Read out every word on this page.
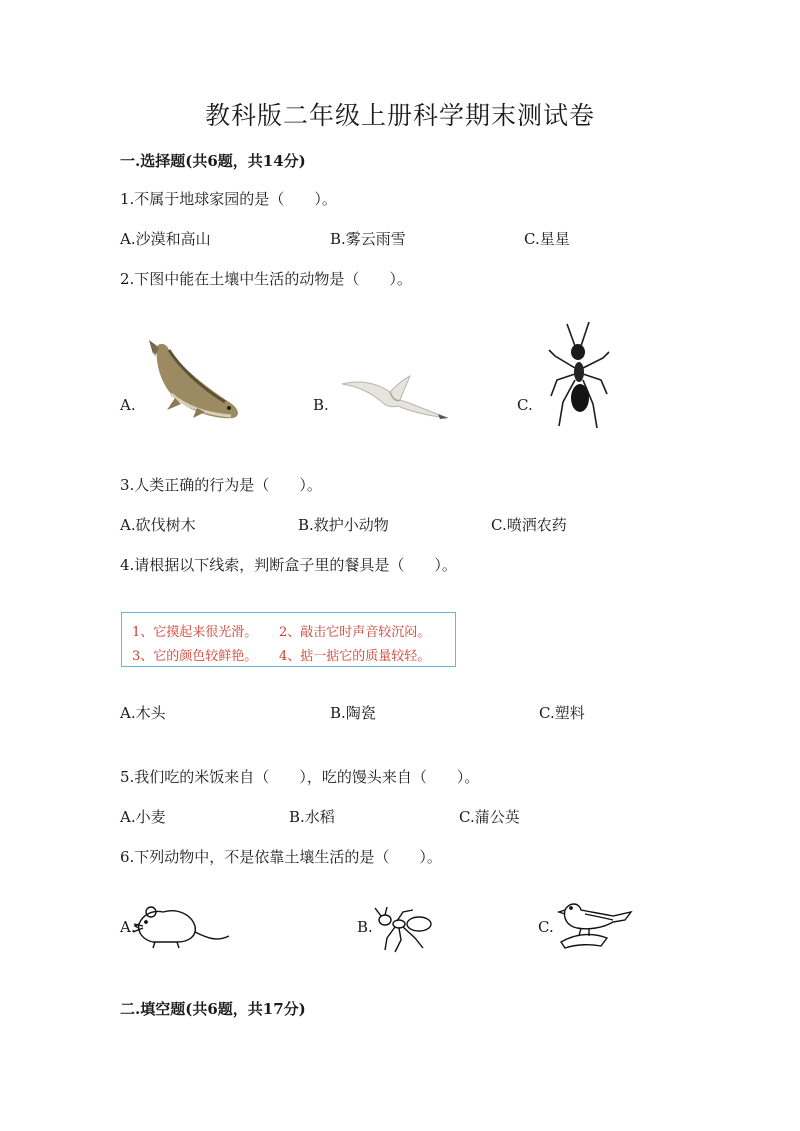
教科版二年级上册科学期末测试卷
一.选择题(共6题，共14分)
1.不属于地球家园的是（　　）。
A.沙漠和高山	B.雾云雨雪	C.星星
2.下图中能在土壤中生活的动物是（　　）。
A.	B.	C.
3.人类正确的行为是（　　）。
A.砍伐树木	B.救护小动物	C.喷洒农药
4.请根据以下线索，判断盒子里的餐具是（　　）。
1、它摸起来很光滑。 2、敲击它时声音较沉闷。
3、它的颜色较鲜艳。 4、掂一掂它的质量较轻。
A.木头	B.陶瓷	C.塑料
5.我们吃的米饭来自（　　），吃的馒头来自（　　）。
A.小麦	B.水稻	C.蒲公英
6.下列动物中，不是依靠土壤生活的是（　　）。
A.	B.	C.
二.填空题(共6题，共17分)
